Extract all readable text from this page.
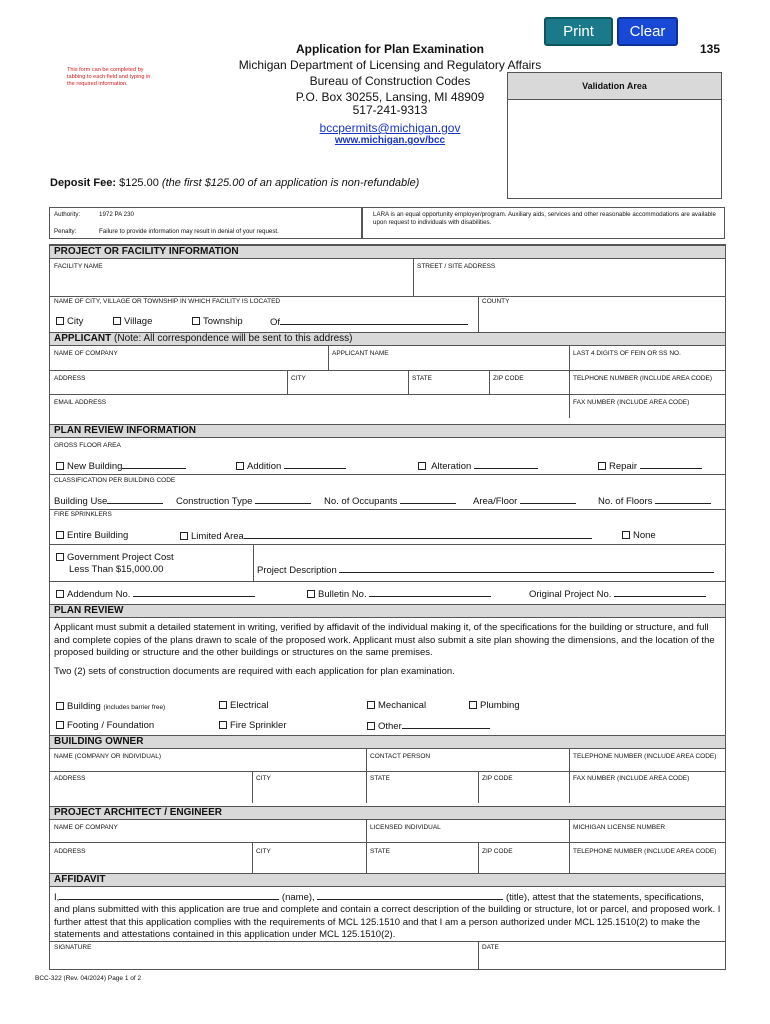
Print	Clear
135
Application for Plan Examination
Michigan Department of Licensing and Regulatory Affairs
Bureau of Construction Codes
P.O. Box 30255, Lansing, MI 48909
517-241-9313
bccpermits@michigan.gov
www.michigan.gov/bcc
This form can be completed by tabbing to each field and typing in the required information.	Validation Area
Deposit Fee: $125.00 (the first $125.00 of an application is non-refundable)
Authority:	1972 PA 230
Penalty:	Failure to provide information may result in denial of your request.
LARA is an equal opportunity employer/program. Auxiliary aids, services and other reasonable accommodations are available upon request to individuals with disabilities.
PROJECT OR FACILITY INFORMATION
FACILITY NAME	STREET / SITE ADDRESS
NAME OF CITY, VILLAGE OR TOWNSHIP IN WHICH FACILITY IS LOCATED	COUNTY
City	Village	Township	Of
APPLICANT (Note: All correspondence will be sent to this address)
NAME OF COMPANY	APPLICANT NAME	LAST 4 DIGITS OF FEIN OR SS NO.
ADDRESS	CITY	STATE	ZIP CODE	TELPHONE NUMBER (INCLUDE AREA CODE)
EMAIL ADDRESS	FAX NUMBER (INCLUDE AREA CODE)
PLAN REVIEW INFORMATION
GROSS FLOOR AREA
New Building	Addition	Alteration	Repair
CLASSIFICATION PER BUILDING CODE
Building Use	Construction Type	No. of Occupants	Area/Floor	No. of Floors
FIRE SPRINKLERS
Entire Building	Limited Area	None
Government Project Cost
Less Than $15,000.00	Project Description
Addendum No.	Bulletin No.	Original Project No.
PLAN REVIEW
Applicant must submit a detailed statement in writing, verified by affidavit of the individual making it, of the specifications for the building or structure, and full and complete copies of the plans drawn to scale of the proposed work. Applicant must also submit a site plan showing the dimensions, and the location of the proposed building or structure and the other buildings or structures on the same premises.
Two (2) sets of construction documents are required with each application for plan examination.
Building (includes barrier free)	Electrical	Mechanical	Plumbing
Footing / Foundation	Fire Sprinkler	Other
BUILDING OWNER
NAME (COMPANY OR INDIVIDUAL)	CONTACT PERSON	TELEPHONE NUMBER (INCLUDE AREA CODE)
ADDRESS	CITY	STATE	ZIP CODE	FAX NUMBER (INCLUDE AREA CODE)
PROJECT ARCHITECT / ENGINEER
NAME OF COMPANY	LICENSED INDIVIDUAL	MICHIGAN LICENSE NUMBER
ADDRESS	CITY	STATE	ZIP CODE	TELEPHONE NUMBER (INCLUDE AREA CODE)
AFFIDAVIT
I,	(name),	(title), attest that the statements, specifications,
and plans submitted with this application are true and complete and contain a correct description of the building or structure, lot or parcel, and proposed work. I further attest that this application complies with the requirements of MCL 125.1510 and that I am a person authorized under MCL 125.1510(2) to make the statements and attestations contained in this application under MCL 125.1510(2).
SIGNATURE	DATE
BCC-322 (Rev. 04/2024) Page 1 of 2
